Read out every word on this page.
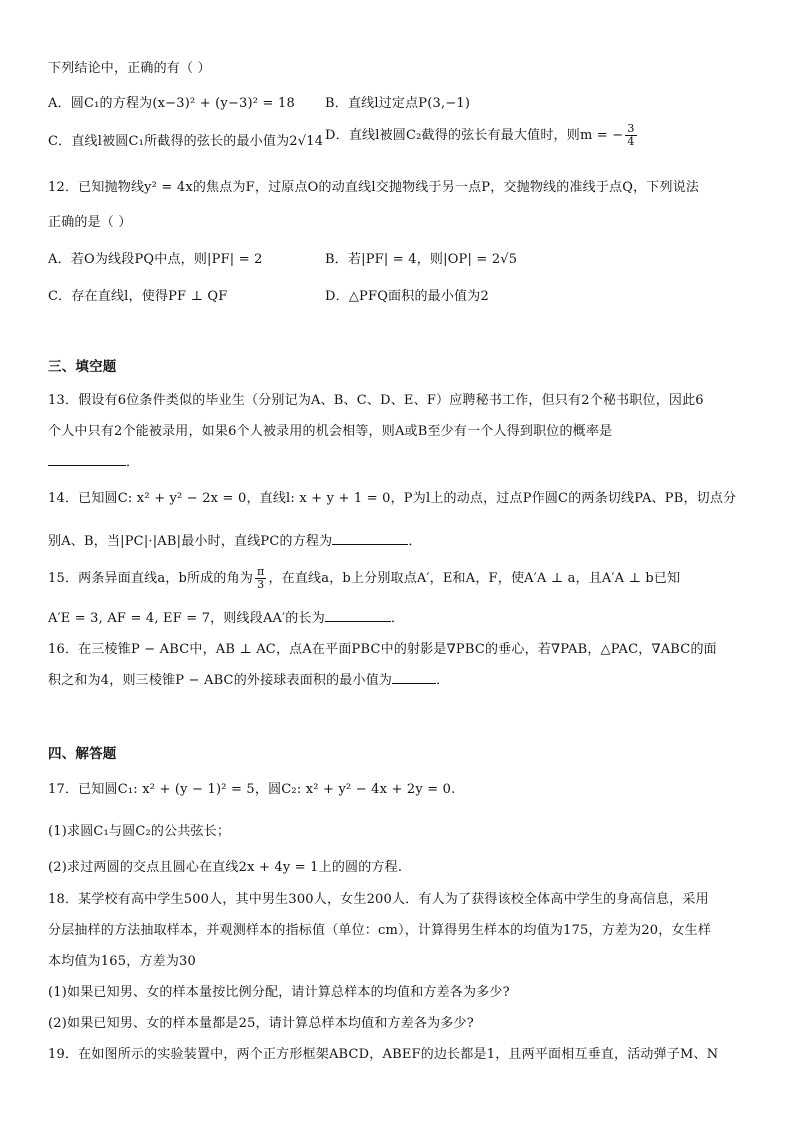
下列结论中，正确的有（ ）
A．圆C₁的方程为(x−3)² + (y−3)² = 18 B．直线l过定点P(3,−1)
C．直线l被圆C₁所截得的弦长的最小值为2√14 D．直线l被圆C₂截得的弦长有最大值时，则m = − $\frac{3}{4}$
12．已知抛物线y² = 4x的焦点为F，过原点O的动直线l交抛物线于另一点P，交抛物线的准线于点Q，下列说法
正确的是（ ）
A．若O为线段PQ中点，则|PF| = 2	B．若|PF| = 4，则|OP| = 2√5
C．存在直线l，使得PF ⊥ QF	D．△PFQ面积的最小值为2
三、填空题
13．假设有6位条件类似的毕业生（分别记为A、B、C、D、E、F）应聘秘书工作，但只有2个秘书职位，因此6
个人中只有2个能被录用，如果6个人被录用的机会相等，则A或B至少有一个人得到职位的概率是
．
14．已知圆C: x² + y² − 2x = 0，直线l: x + y + 1 = 0，P为l上的动点，过点P作圆C的两条切线PA、PB，切点分
别A、B，当|PC|·|AB|最小时，直线PC的方程为	．
15．两条异面直线a，b所成的角为 $\frac{\pi}{3}$ ，在直线a，b上分别取点A′，E和A，F，使A′A ⊥ a，且A′A ⊥ b已知
A′E = 3, AF = 4, EF = 7，则线段AA′的长为	．
16．在三棱锥P − ABC中，AB ⊥ AC，点A在平面PBC中的射影是∇PBC的垂心，若∇PAB，△PAC，∇ABC的面
积之和为4，则三棱锥P − ABC的外接球表面积的最小值为	．
四、解答题
17．已知圆C₁: x² + (y − 1)² = 5，圆C₂: x² + y² − 4x + 2y = 0.
(1)求圆C₁与圆C₂的公共弦长；
(2)求过两圆的交点且圆心在直线2x + 4y = 1上的圆的方程.
18．某学校有高中学生500人，其中男生300人，女生200人．有人为了获得该校全体高中学生的身高信息，采用
分层抽样的方法抽取样本，并观测样本的指标值（单位：cm），计算得男生样本的均值为175，方差为20，女生样
本均值为165，方差为30
(1)如果已知男、女的样本量按比例分配，请计算总样本的均值和方差各为多少?
(2)如果已知男、女的样本量都是25，请计算总样本均值和方差各为多少?
19．在如图所示的实验装置中，两个正方形框架ABCD，ABEF的边长都是1，且两平面相互垂直，活动弹子M、N
